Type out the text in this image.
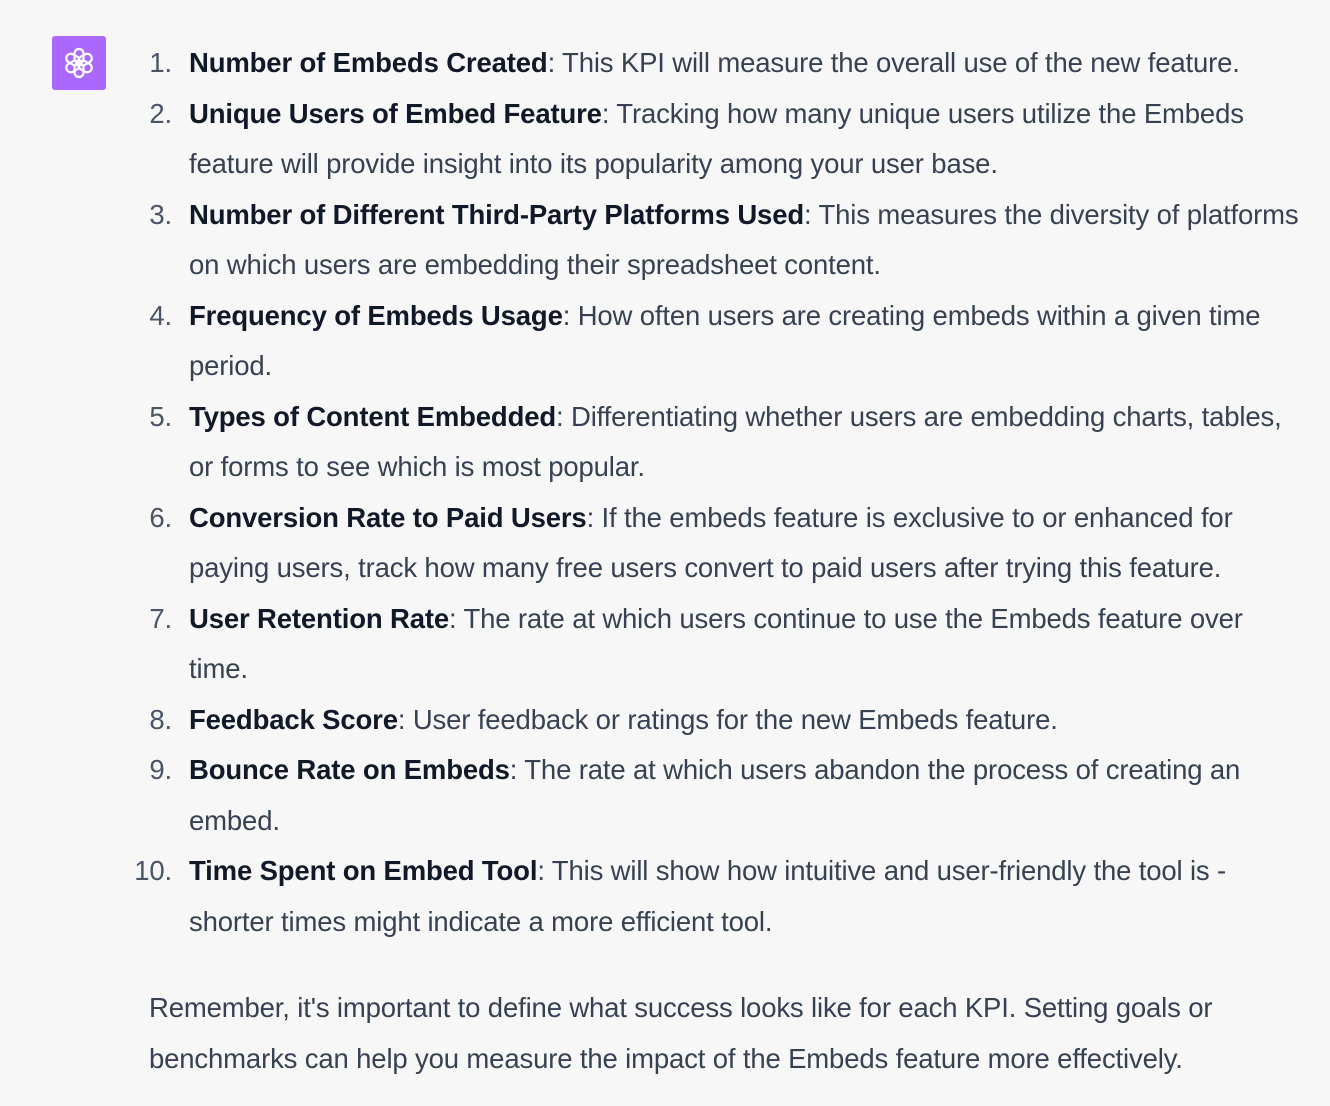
1. Number of Embeds Created: This KPI will measure the overall use of the new feature.
2. Unique Users of Embed Feature: Tracking how many unique users utilize the Embeds feature will provide insight into its popularity among your user base.
3. Number of Different Third-Party Platforms Used: This measures the diversity of platforms on which users are embedding their spreadsheet content.
4. Frequency of Embeds Usage: How often users are creating embeds within a given time period.
5. Types of Content Embedded: Differentiating whether users are embedding charts, tables, or forms to see which is most popular.
6. Conversion Rate to Paid Users: If the embeds feature is exclusive to or enhanced for paying users, track how many free users convert to paid users after trying this feature.
7. User Retention Rate: The rate at which users continue to use the Embeds feature over time.
8. Feedback Score: User feedback or ratings for the new Embeds feature.
9. Bounce Rate on Embeds: The rate at which users abandon the process of creating an embed.
10. Time Spent on Embed Tool: This will show how intuitive and user-friendly the tool is - shorter times might indicate a more efficient tool.

Remember, it's important to define what success looks like for each KPI. Setting goals or benchmarks can help you measure the impact of the Embeds feature more effectively.
